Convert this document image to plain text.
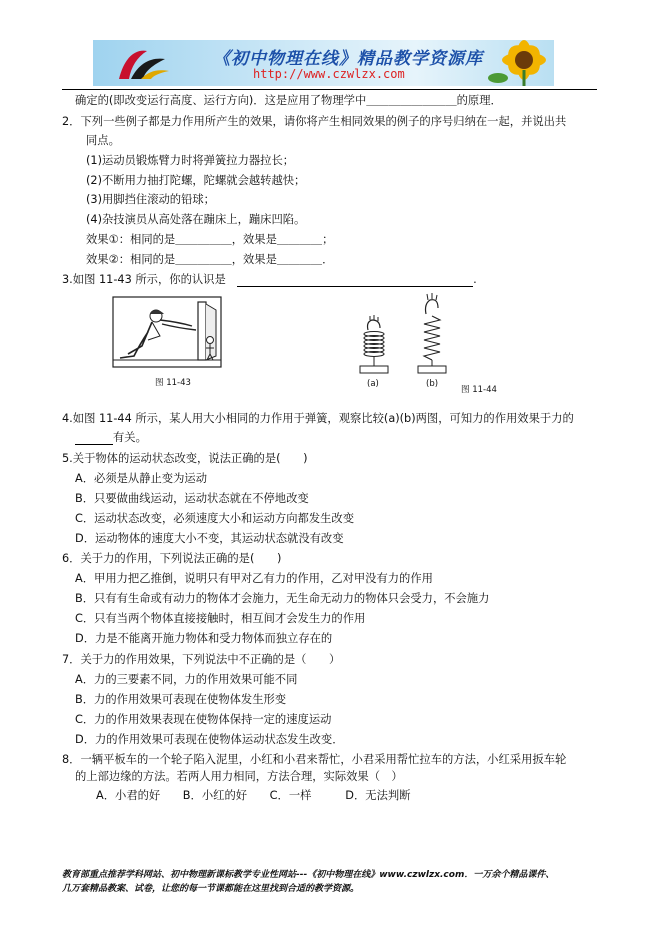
《初中物理在线》精品教学资源库
http://www.czwlzx.com
确定的(即改变运行高度、运行方向)．这是应用了物理学中＿＿＿＿＿＿＿＿的原理．
2．下列一些例子都是力作用所产生的效果，请你将产生相同效果的例子的序号归纳在一起，并说出共
同点。
(1)运动员锻炼臂力时将弹簧拉力器拉长；
(2)不断用力抽打陀螺，陀螺就会越转越快；
(3)用脚挡住滚动的铅球；
(4)杂技演员从高处落在蹦床上，蹦床凹陷。
效果①：相同的是＿＿＿＿＿，效果是＿＿＿＿；
效果②：相同的是＿＿＿＿＿，效果是＿＿＿＿．
3.如图 11-43 所示，你的认识是　	.
图 11-43	(a)	(b)
图 11-44
4.如图 11-44 所示，某人用大小相同的力作用于弹簧，观察比较(a)(b)两图，可知力的作用效果于力的
有关。
5.关于物体的运动状态改变，说法正确的是(　　)
A．必须是从静止变为运动
B．只要做曲线运动，运动状态就在不停地改变
C．运动状态改变，必须速度大小和运动方向都发生改变
D．运动物体的速度大小不变，其运动状态就没有改变
6．关于力的作用，下列说法正确的是(　　)
A．甲用力把乙推倒，说明只有甲对乙有力的作用，乙对甲没有力的作用
B．只有有生命或有动力的物体才会施力，无生命无动力的物体只会受力，不会施力
C．只有当两个物体直接接触时，相互间才会发生力的作用
D．力是不能离开施力物体和受力物体而独立存在的
7．关于力的作用效果，下列说法中不正确的是（　　）
A．力的三要素不同，力的作用效果可能不同
B．力的作用效果可表现在使物体发生形变
C．力的作用效果表现在使物体保持一定的速度运动
D．力的作用效果可表现在使物体运动状态发生改变．
8．一辆平板车的一个轮子陷入泥里，小红和小君来帮忙，小君采用帮忙拉车的方法，小红采用扳车轮
的上部边缘的方法。若两人用力相同，方法合理，实际效果（　）
A．小君的好　　B．小红的好　　C．一样　　　D．无法判断
教育部重点推荐学科网站、初中物理新课标教学专业性网站---《初中物理在线》www.czwlzx.com．一万余个精品课件、
几万套精品教案、试卷，让您的每一节课都能在这里找到合适的教学资源。
